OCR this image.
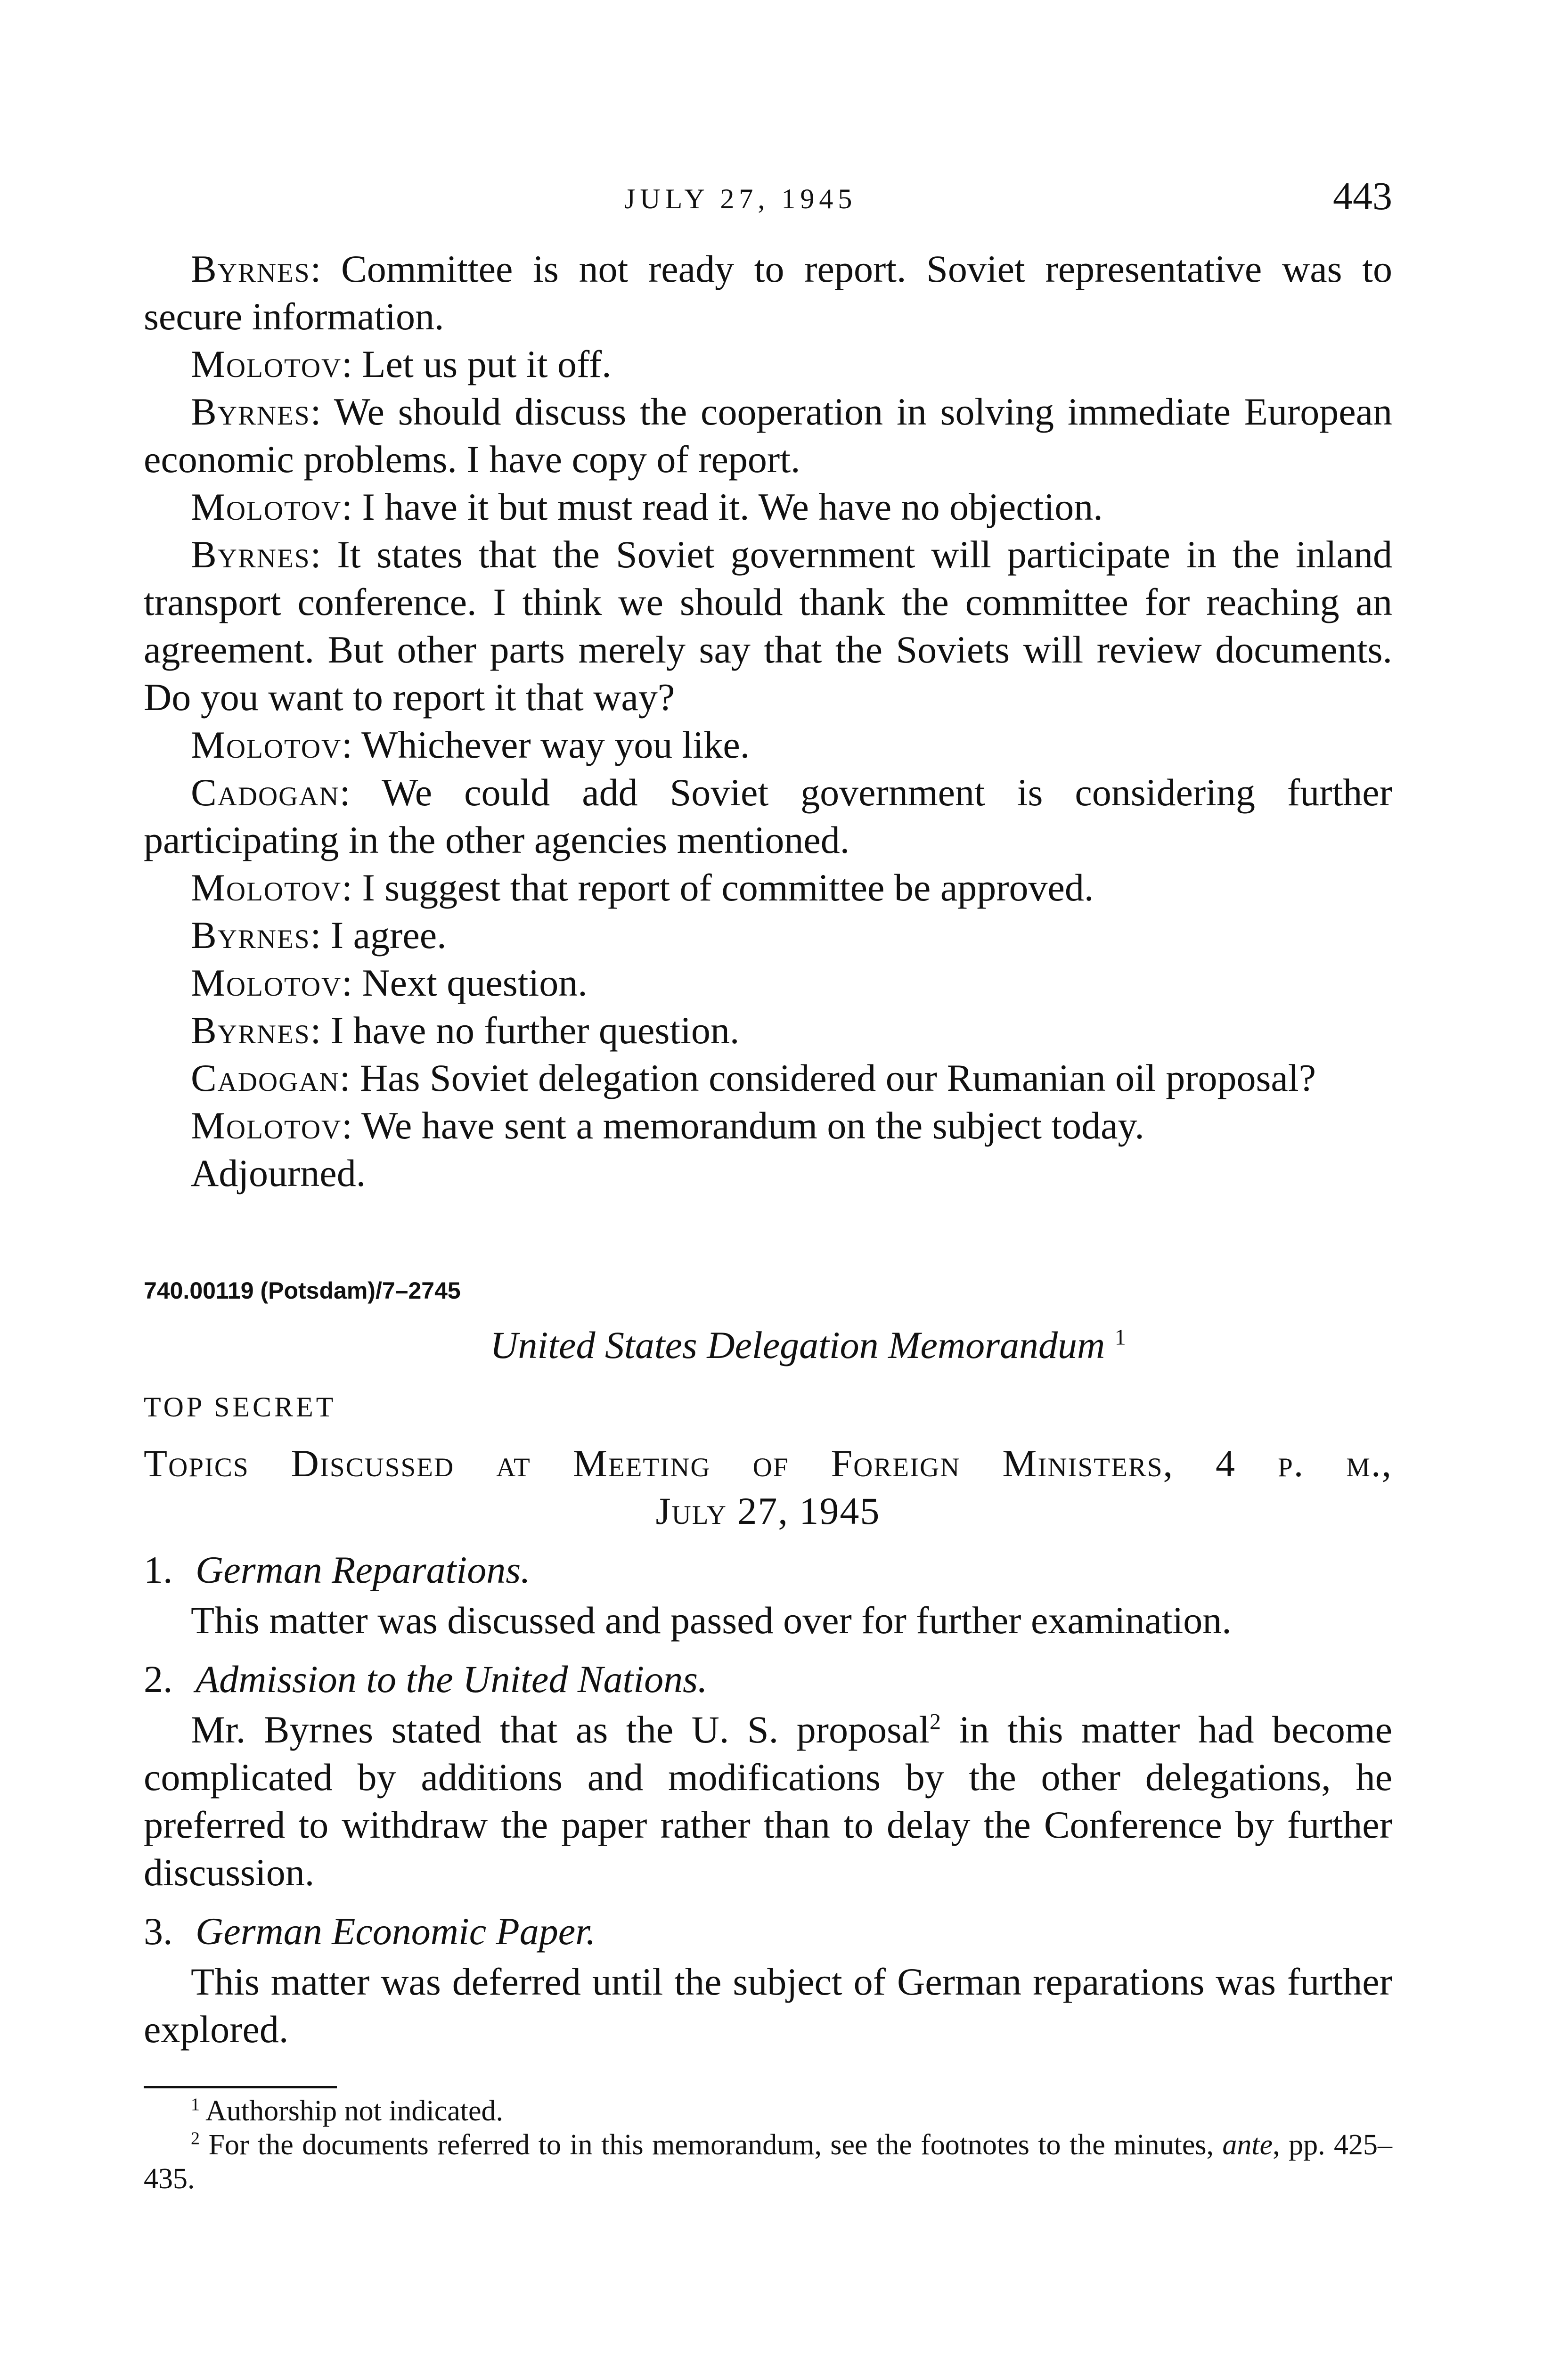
JULY 27, 1945	443

Byrnes: Committee is not ready to report. Soviet representative was to secure information.

Molotov: Let us put it off.

Byrnes: We should discuss the cooperation in solving immediate European economic problems. I have copy of report.

Molotov: I have it but must read it. We have no objection.

Byrnes: It states that the Soviet government will participate in the inland transport conference. I think we should thank the committee for reaching an agreement. But other parts merely say that the Soviets will review documents. Do you want to report it that way?

Molotov: Whichever way you like.

Cadogan: We could add Soviet government is considering further participating in the other agencies mentioned.

Molotov: I suggest that report of committee be approved.

Byrnes: I agree.

Molotov: Next question.

Byrnes: I have no further question.

Cadogan: Has Soviet delegation considered our Rumanian oil proposal?

Molotov: We have sent a memorandum on the subject today.

Adjourned.

740.00119 (Potsdam)/7–2745
United States Delegation Memorandum $^1$
TOP SECRET
Topics Discussed at Meeting of Foreign Ministers, 4 p. m.,
July 27, 1945
1. German Reparations.

This matter was discussed and passed over for further examination.

2. Admission to the United Nations.

Mr. Byrnes stated that as the U. S. proposal$^2$ in this matter had become complicated by additions and modifications by the other delegations, he preferred to withdraw the paper rather than to delay the Conference by further discussion.

3. German Economic Paper.

This matter was deferred until the subject of German reparations was further explored.

$^1$ Authorship not indicated.

$^2$ For the documents referred to in this memorandum, see the footnotes to the minutes, ante, pp. 425–435.
